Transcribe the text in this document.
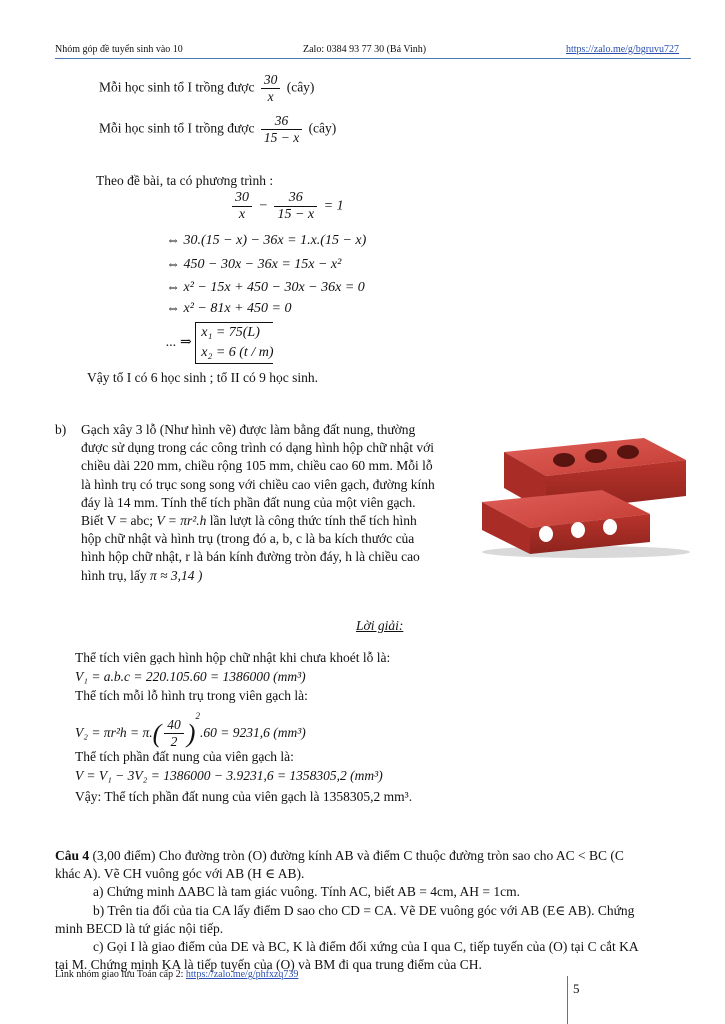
Nhóm góp đề tuyển sinh vào 10	Zalo: 0384 93 77 30 (Bá Vinh)	https://zalo.me/g/bgruvu727
Mỗi học sinh tổ I trồng được $\frac{30}{x}$ (cây)
Mỗi học sinh tổ I trồng được $\frac{36}{15 - x}$ (cây)
Theo đề bài, ta có phương trình :
$\frac{30}{x} - \frac{36}{15 - x} = 1$
⇔ 30.(15 − x) − 36x = 1.x.(15 − x)
⇔ 450 − 30x − 36x = 15x − x²
⇔ x² − 15x + 450 − 30x − 36x = 0
⇔ x² − 81x + 450 = 0
... ⇒
x₁ = 75(L)
x₂ = 6 (t / m)
Vậy tổ I có 6 học sinh ; tổ II có 9 học sinh.
b) Gạch xây 3 lỗ (Như hình vẽ) được làm bằng đất nung, thường
được sử dụng trong các công trình có dạng hình hộp chữ nhật với
chiều dài 220 mm, chiều rộng 105 mm, chiều cao 60 mm. Mỗi lỗ
là hình trụ có trục song song với chiều cao viên gạch, đường kính
đáy là 14 mm. Tính thể tích phần đất nung của một viên gạch.
Biết V = abc; V = πr².h lần lượt là công thức tính thể tích hình
hộp chữ nhật và hình trụ (trong đó a, b, c là ba kích thước của
hình hộp chữ nhật, r là bán kính đường tròn đáy, h là chiều cao
hình trụ, lấy π ≈ 3,14 )
Lời giải:
Thể tích viên gạch hình hộp chữ nhật khi chưa khoét lỗ là:
V₁ = a.b.c = 220.105.60 = 1386000 (mm³)
Thể tích mỗi lỗ hình trụ trong viên gạch là:
$V_2 = \pi r^2h = \pi.( \frac{40}{2} )^2.60 = 9231,6$ (mm³)
Thể tích phần đất nung của viên gạch là:
V = V₁ − 3V₂ = 1386000 − 3.9231,6 = 1358305,2 (mm³)
Vậy: Thể tích phần đất nung của viên gạch là 1358305,2 mm³.
Câu 4 (3,00 điểm) Cho đường tròn (O) đường kính AB và điểm C thuộc đường tròn sao cho AC < BC (C
khác A). Vẽ CH vuông góc với AB (H ∈ AB).
a) Chứng minh ΔABC là tam giác vuông. Tính AC, biết AB = 4cm, AH = 1cm.
b) Trên tia đối của tia CA lấy điểm D sao cho CD = CA. Vẽ DE vuông góc với AB (E∈ AB). Chứng
minh BECD là tứ giác nội tiếp.
c) Gọi I là giao điểm của DE và BC, K là điểm đối xứng của I qua C, tiếp tuyến của (O) tại C cắt KA
tại M. Chứng minh KA là tiếp tuyến của (O) và BM đi qua trung điểm của CH.
Link nhóm giao lưu Toán cấp 2: https://zalo.me/g/phfxzq739
5
